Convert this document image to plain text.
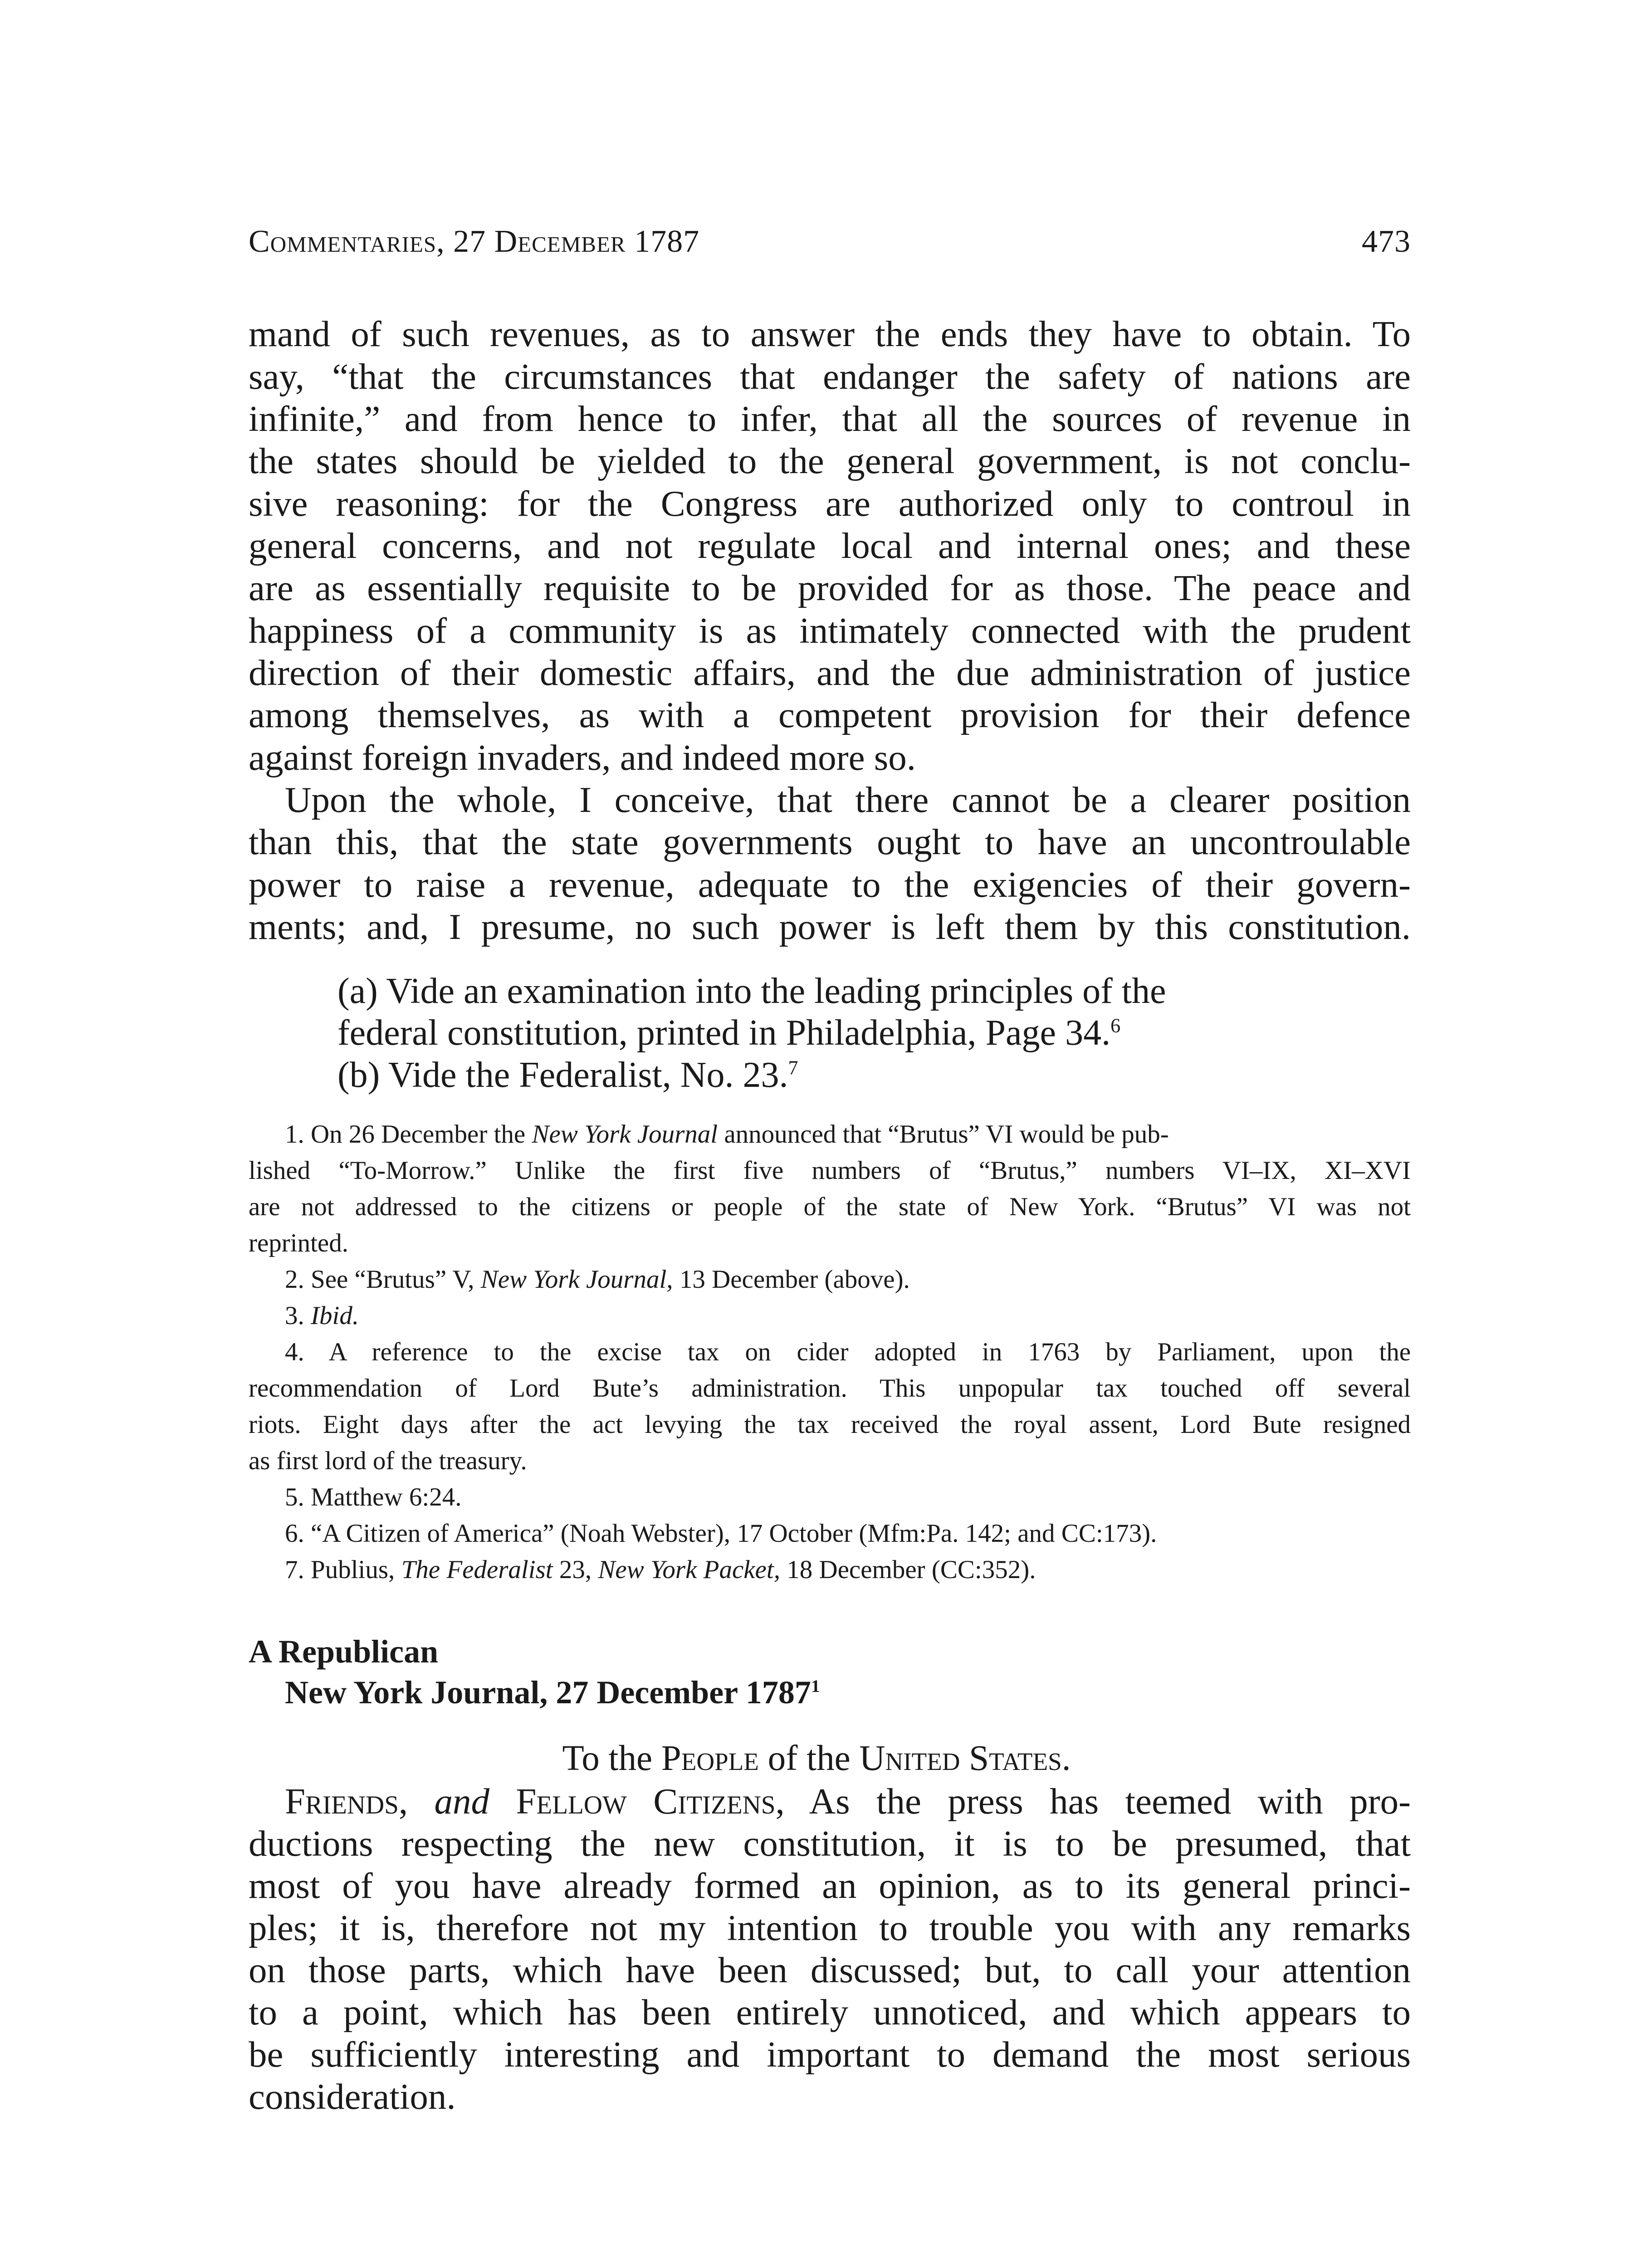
Commentaries, 27 December 1787	473
mand of such revenues, as to answer the ends they have to obtain. To
say, “that the circumstances that endanger the safety of nations are
infinite,” and from hence to infer, that all the sources of revenue in
the states should be yielded to the general government, is not conclu-
sive reasoning: for the Congress are authorized only to controul in
general concerns, and not regulate local and internal ones; and these
are as essentially requisite to be provided for as those. The peace and
happiness of a community is as intimately connected with the prudent
direction of their domestic affairs, and the due administration of justice
among themselves, as with a competent provision for their defence
against foreign invaders, and indeed more so.
Upon the whole, I conceive, that there cannot be a clearer position
than this, that the state governments ought to have an uncontroulable
power to raise a revenue, adequate to the exigencies of their govern-
ments; and, I presume, no such power is left them by this constitution.
(a) Vide an examination into the leading principles of the
federal constitution, printed in Philadelphia, Page 34.$^6$
(b) Vide the Federalist, No. 23.$^7$
1. On 26 December the New York Journal announced that “Brutus” VI would be pub-
lished “To-Morrow.” Unlike the first five numbers of “Brutus,” numbers VI–IX, XI–XVI
are not addressed to the citizens or people of the state of New York. “Brutus” VI was not
reprinted.
2. See “Brutus” V, New York Journal, 13 December (above).
3. Ibid.
4. A reference to the excise tax on cider adopted in 1763 by Parliament, upon the
recommendation of Lord Bute’s administration. This unpopular tax touched off several
riots. Eight days after the act levying the tax received the royal assent, Lord Bute resigned
as first lord of the treasury.
5. Matthew 6:24.
6. “A Citizen of America” (Noah Webster), 17 October (Mfm:Pa. 142; and CC:173).
7. Publius, The Federalist 23, New York Packet, 18 December (CC:352).
A Republican
New York Journal, 27 December 1787$^1$
To the People of the United States.
Friends, and Fellow Citizens, As the press has teemed with pro-
ductions respecting the new constitution, it is to be presumed, that
most of you have already formed an opinion, as to its general princi-
ples; it is, therefore not my intention to trouble you with any remarks
on those parts, which have been discussed; but, to call your attention
to a point, which has been entirely unnoticed, and which appears to
be sufficiently interesting and important to demand the most serious
consideration.
